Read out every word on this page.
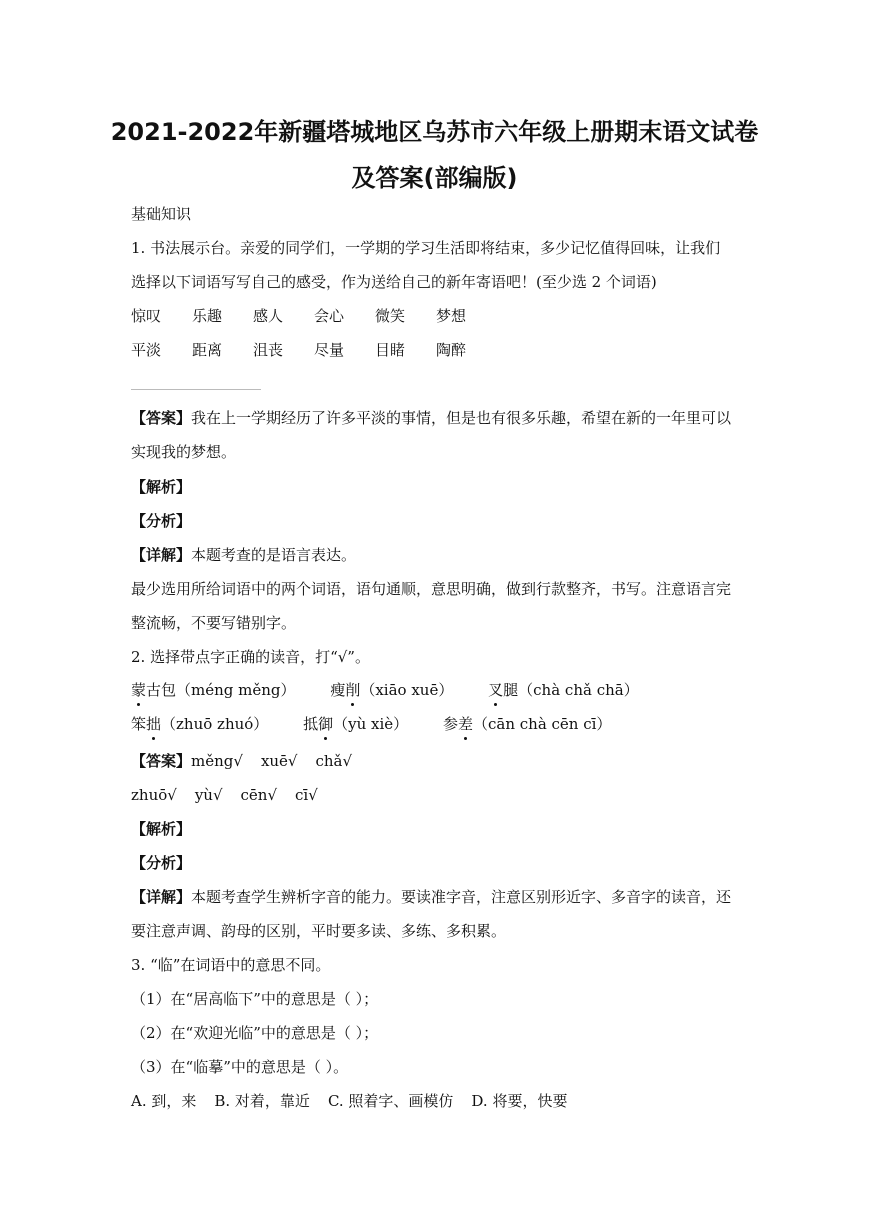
2021-2022年新疆塔城地区乌苏市六年级上册期末语文试卷
及答案(部编版)
基础知识
1. 书法展示台。亲爱的同学们，一学期的学习生活即将结束，多少记忆值得回味，让我们
选择以下词语写写自己的感受，作为送给自己的新年寄语吧！(至少选 2 个词语)
惊叹 乐趣 感人 会心 微笑 梦想
平淡 距离 沮丧 尽量 目睹 陶醉
【答案】我在上一学期经历了许多平淡的事情，但是也有很多乐趣，希望在新的一年里可以
实现我的梦想。
【解析】
【分析】
【详解】本题考查的是语言表达。
最少选用所给词语中的两个词语，语句通顺，意思明确，做到行款整齐，书写。注意语言完
整流畅，不要写错别字。
2. 选择带点字正确的读音，打“√”。
蒙古包（méng měng） 瘦削（xiāo xuē） 叉腿（chà chǎ chā）
笨拙（zhuō zhuó） 抵御（yù xiè） 参差（cān chà cēn cī）
【答案】měng√ xuē√ chǎ√
zhuō√ yù√ cēn√ cī√
【解析】
【分析】
【详解】本题考查学生辨析字音的能力。要读准字音，注意区别形近字、多音字的读音，还
要注意声调、韵母的区别，平时要多读、多练、多积累。
3. “临”在词语中的意思不同。
（1）在“居高临下”中的意思是（ ）；
（2）在“欢迎光临”中的意思是（ ）；
（3）在“临摹”中的意思是（ ）。
A. 到，来 B. 对着，靠近 C. 照着字、画模仿 D. 将要，快要
